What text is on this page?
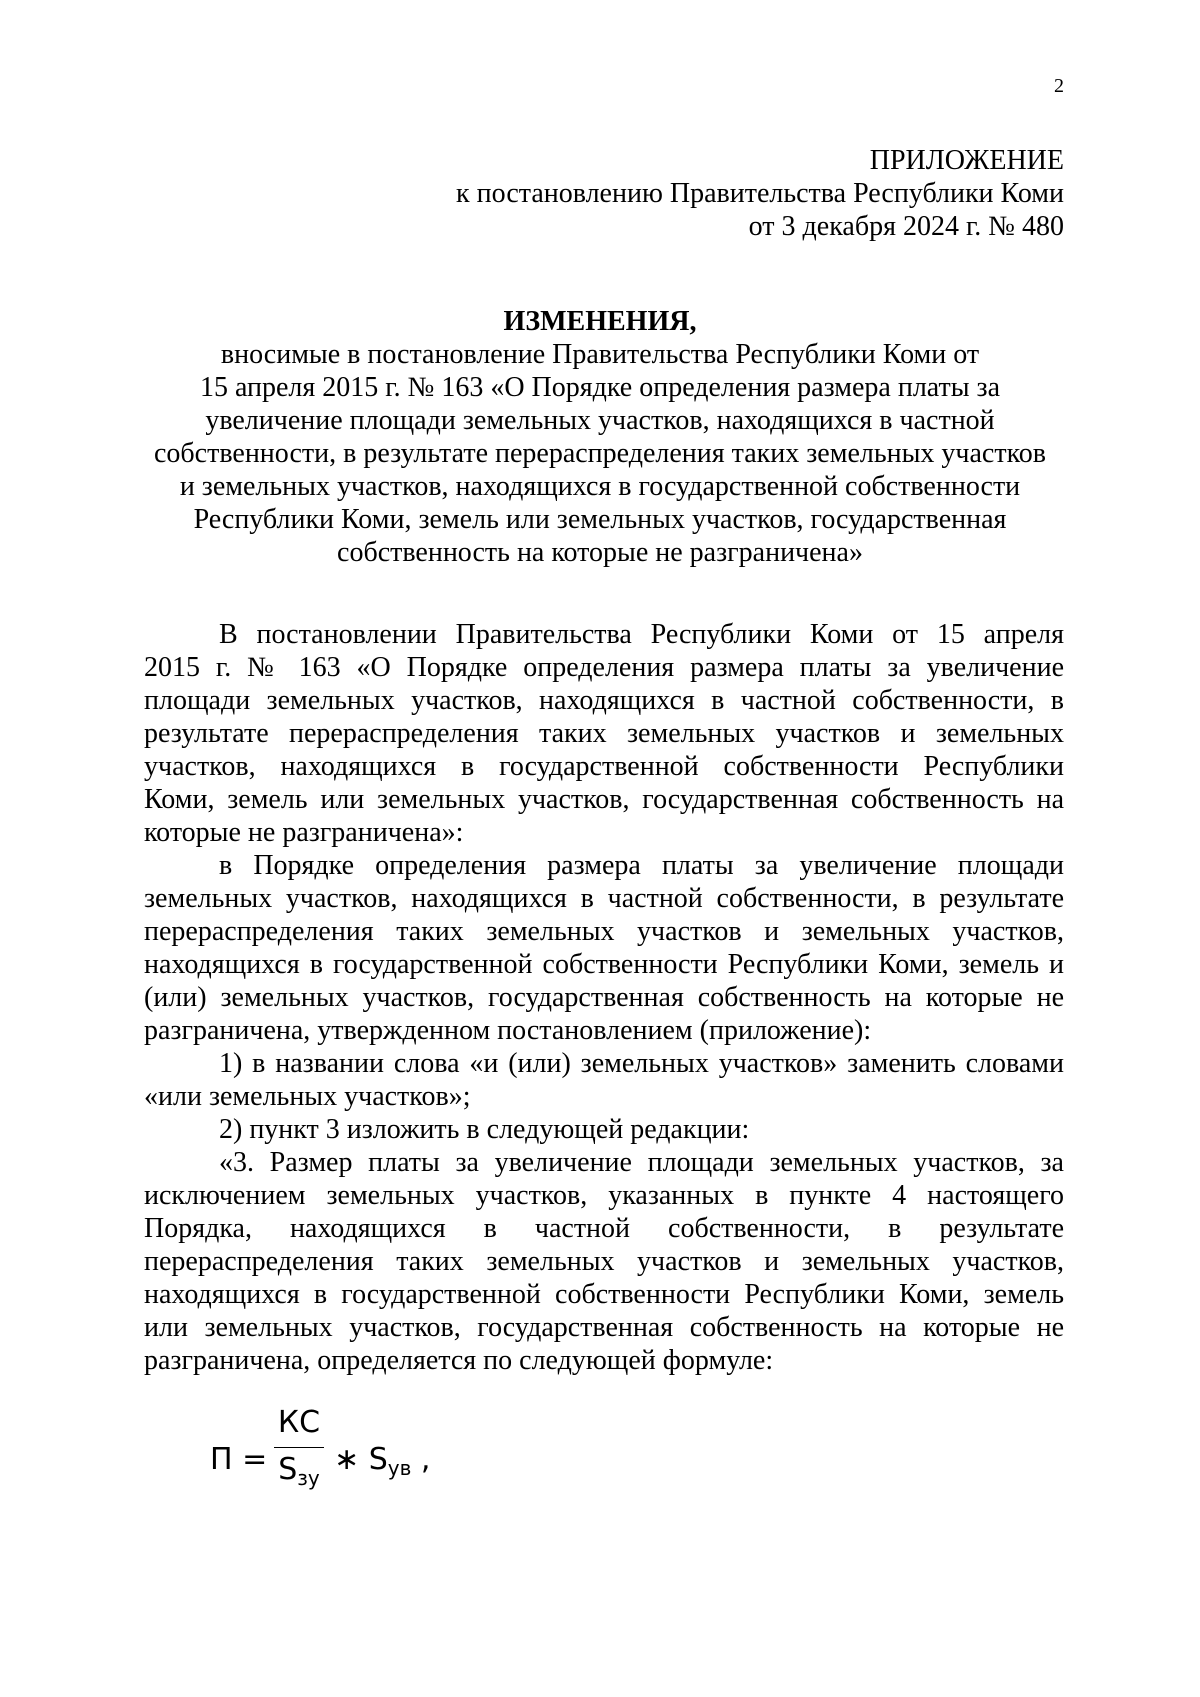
2
ПРИЛОЖЕНИЕ
к постановлению Правительства Республики Коми
от 3 декабря 2024 г. № 480
ИЗМЕНЕНИЯ,
вносимые в постановление Правительства Республики Коми от
15 апреля 2015 г. № 163 «О Порядке определения размера платы за
увеличение площади земельных участков, находящихся в частной
собственности, в результате перераспределения таких земельных участков
и земельных участков, находящихся в государственной собственности
Республики Коми, земель или земельных участков, государственная
собственность на которые не разграничена»
В постановлении Правительства Республики Коми от 15 апреля
2015 г. № 163 «О Порядке определения размера платы за увеличение
площади земельных участков, находящихся в частной собственности, в
результате перераспределения таких земельных участков и земельных
участков, находящихся в государственной собственности Республики
Коми, земель или земельных участков, государственная собственность на
которые не разграничена»:
в Порядке определения размера платы за увеличение площади
земельных участков, находящихся в частной собственности, в результате
перераспределения таких земельных участков и земельных участков,
находящихся в государственной собственности Республики Коми, земель и
(или) земельных участков, государственная собственность на которые не
разграничена, утвержденном постановлением (приложение):
1) в названии слова «и (или) земельных участков» заменить словами
«или земельных участков»;
2) пункт 3 изложить в следующей редакции:
«3. Размер платы за увеличение площади земельных участков, за
исключением земельных участков, указанных в пункте 4 настоящего
Порядка, находящихся в частной собственности, в результате
перераспределения таких земельных участков и земельных участков,
находящихся в государственной собственности Республики Коми, земель
или земельных участков, государственная собственность на которые не
разграничена, определяется по следующей формуле:
П =
КС
$S_{зу}$
∗ $S_{ув}$ ,
